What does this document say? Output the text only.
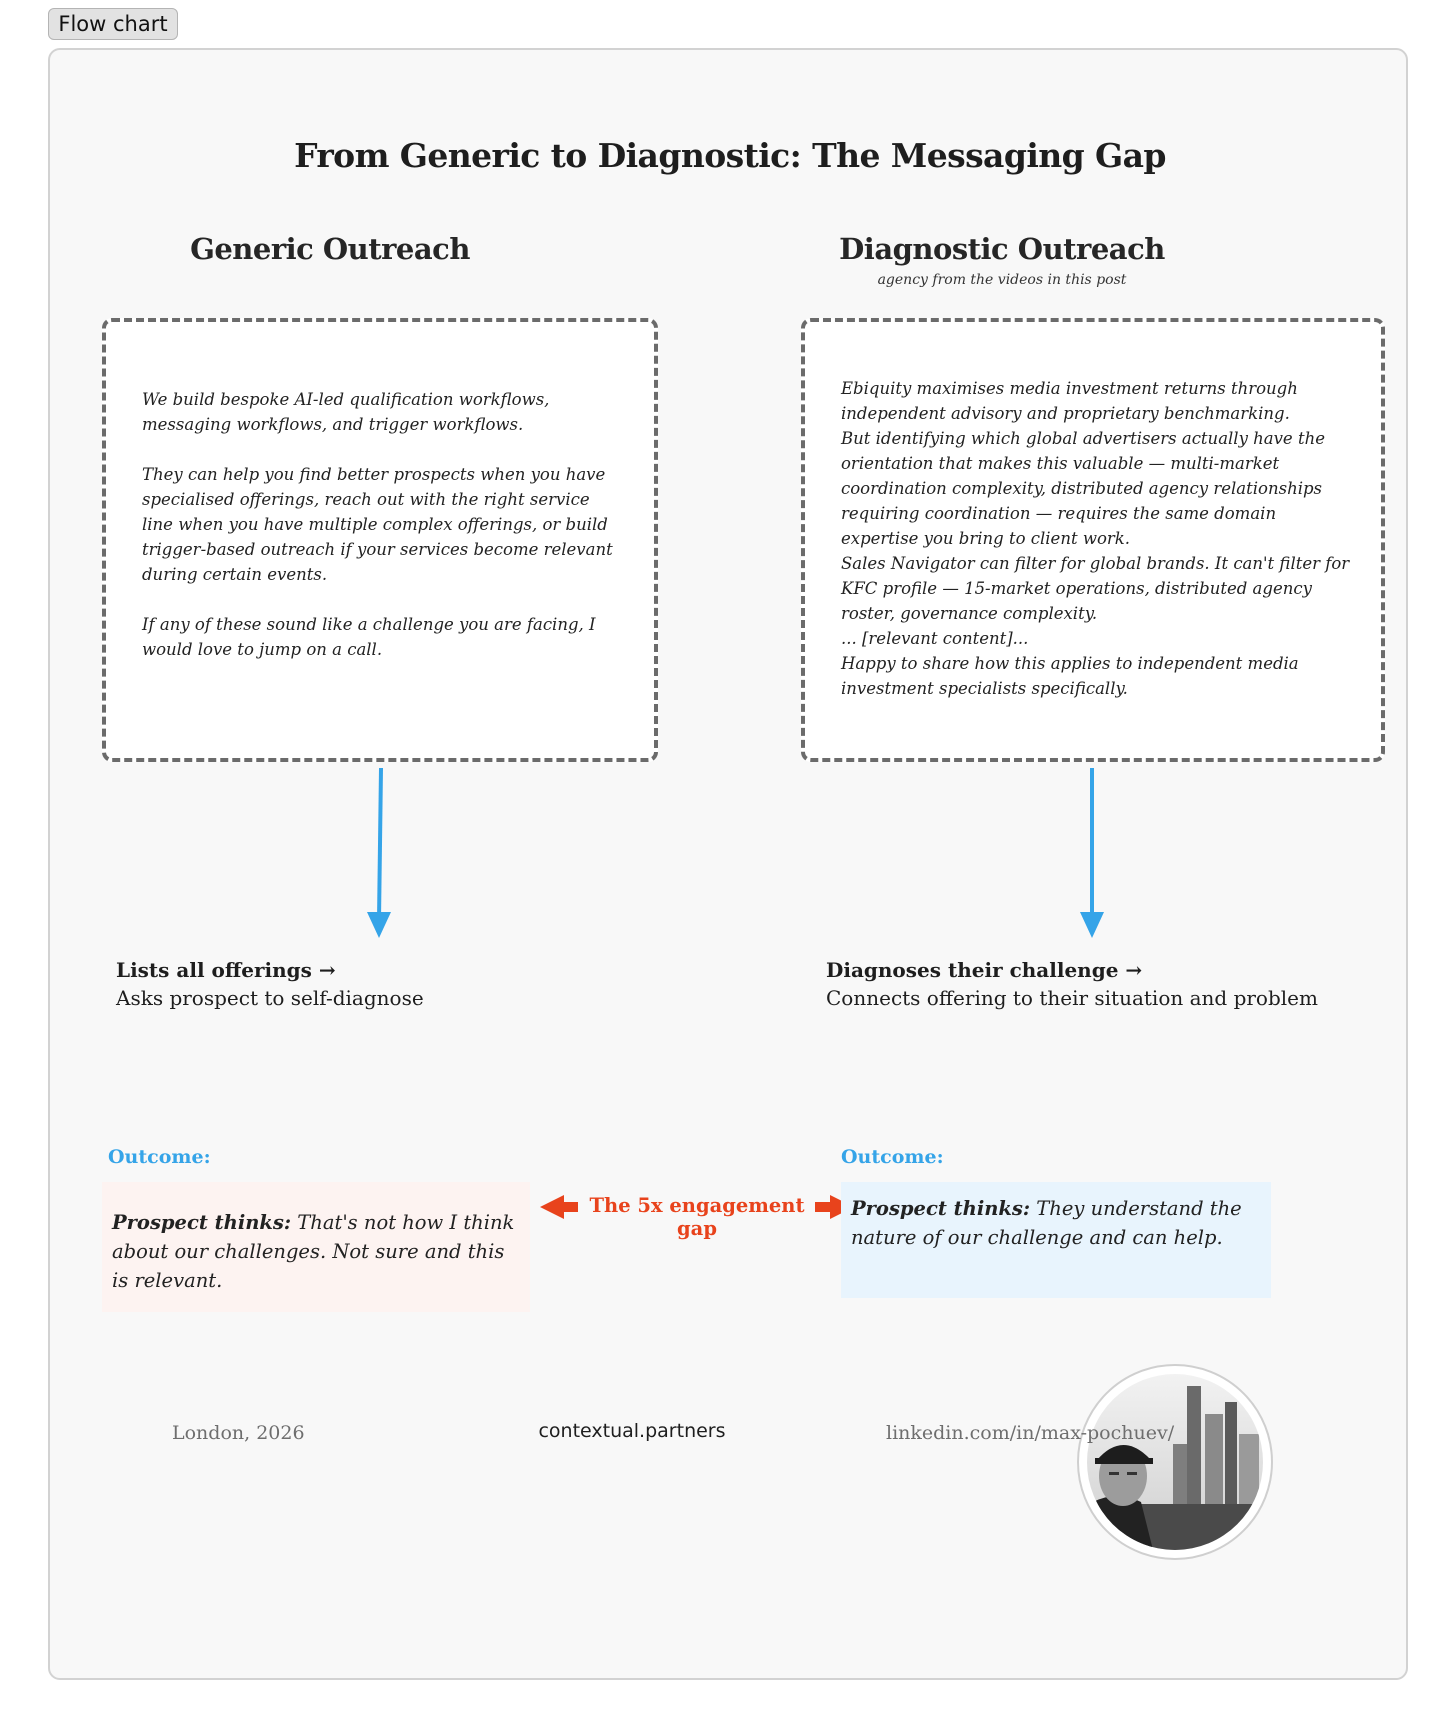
Flow chart
From Generic to Diagnostic: The Messaging Gap
Generic Outreach	Diagnostic Outreach
agency from the videos in this post

We build bespoke AI-led qualification workflows, messaging workflows, and trigger workflows.

They can help you find better prospects when you have specialised offerings, reach out with the right service line when you have multiple complex offerings, or build trigger-based outreach if your services become relevant during certain events.

If any of these sound like a challenge you are facing, I would love to jump on a call.

Ebiquity maximises media investment returns through independent advisory and proprietary benchmarking.

But identifying which global advertisers actually have the orientation that makes this valuable — multi-market coordination complexity, distributed agency relationships requiring coordination — requires the same domain expertise you bring to client work.

Sales Navigator can filter for global brands. It can't filter for KFC profile — 15-market operations, distributed agency roster, governance complexity.

... [relevant content]...

Happy to share how this applies to independent media investment specialists specifically.

Lists all offerings →
Asks prospect to self-diagnose
Diagnoses their challenge →
Connects offering to their situation and problem
Outcome:
Prospect thinks: That's not how I think about our challenges. Not sure and this is relevant.
The 5x engagement gap
Outcome:
Prospect thinks: They understand the nature of our challenge and can help.
London, 2026	contextual.partners	linkedin.com/in/max-pochuev/
